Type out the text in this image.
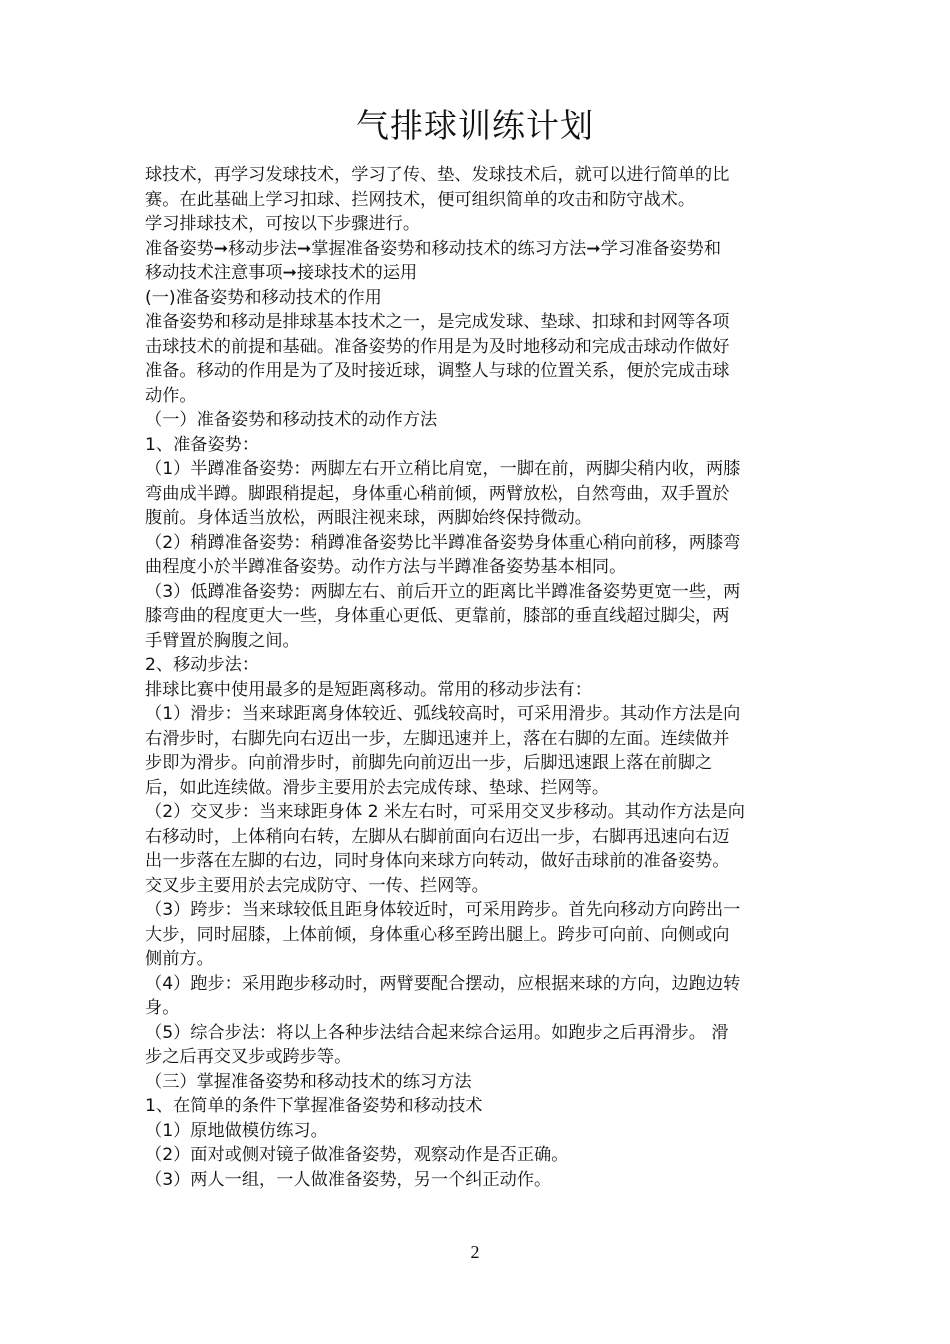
气排球训练计划
球技术，再学习发球技术，学习了传、垫、发球技术后，就可以进行简单的比
赛。在此基础上学习扣球、拦网技术，便可组织简单的攻击和防守战术。
学习排球技术，可按以下步骤进行。
准备姿势➞移动步法➞掌握准备姿势和移动技术的练习方法➞学习准备姿势和
移动技术注意事项➞接球技术的运用
(一)准备姿势和移动技术的作用
准备姿势和移动是排球基本技术之一，是完成发球、垫球、扣球和封网等各项
击球技术的前提和基础。准备姿势的作用是为及时地移动和完成击球动作做好
准备。移动的作用是为了及时接近球，调整人与球的位置关系，便於完成击球
动作。
（一）准备姿势和移动技术的动作方法
1、准备姿势：
（1）半蹲准备姿势：两脚左右开立稍比肩宽，一脚在前，两脚尖稍内收，两膝
弯曲成半蹲。脚跟稍提起，身体重心稍前倾，两臂放松，自然弯曲，双手置於
腹前。身体适当放松，两眼注视来球，两脚始终保持微动。
（2）稍蹲准备姿势：稍蹲准备姿势比半蹲准备姿势身体重心稍向前移，两膝弯
曲程度小於半蹲准备姿势。动作方法与半蹲准备姿势基本相同。
（3）低蹲准备姿势：两脚左右、前后开立的距离比半蹲准备姿势更宽一些，两
膝弯曲的程度更大一些，身体重心更低、更靠前，膝部的垂直线超过脚尖，两
手臂置於胸腹之间。
2、移动步法：
排球比赛中使用最多的是短距离移动。常用的移动步法有：
（1）滑步：当来球距离身体较近、弧线较高时，可采用滑步。其动作方法是向
右滑步时，右脚先向右迈出一步，左脚迅速并上，落在右脚的左面。连续做并
步即为滑步。向前滑步时，前脚先向前迈出一步，后脚迅速跟上落在前脚之
后，如此连续做。滑步主要用於去完成传球、垫球、拦网等。
（2）交叉步：当来球距身体 2 米左右时，可采用交叉步移动。其动作方法是向
右移动时，上体稍向右转，左脚从右脚前面向右迈出一步，右脚再迅速向右迈
出一步落在左脚的右边，同时身体向来球方向转动，做好击球前的准备姿势。
交叉步主要用於去完成防守、一传、拦网等。
（3）跨步：当来球较低且距身体较近时，可采用跨步。首先向移动方向跨出一
大步，同时屈膝，上体前倾，身体重心移至跨出腿上。跨步可向前、向侧或向
侧前方。
（4）跑步：采用跑步移动时，两臂要配合摆动，应根据来球的方向，边跑边转
身。
（5）综合步法：将以上各种步法结合起来综合运用。如跑步之后再滑步。 滑
步之后再交叉步或跨步等。
（三）掌握准备姿势和移动技术的练习方法
1、在简单的条件下掌握准备姿势和移动技术
（1）原地做模仿练习。
（2）面对或侧对镜子做准备姿势，观察动作是否正确。
（3）两人一组，一人做准备姿势，另一个纠正动作。
2
